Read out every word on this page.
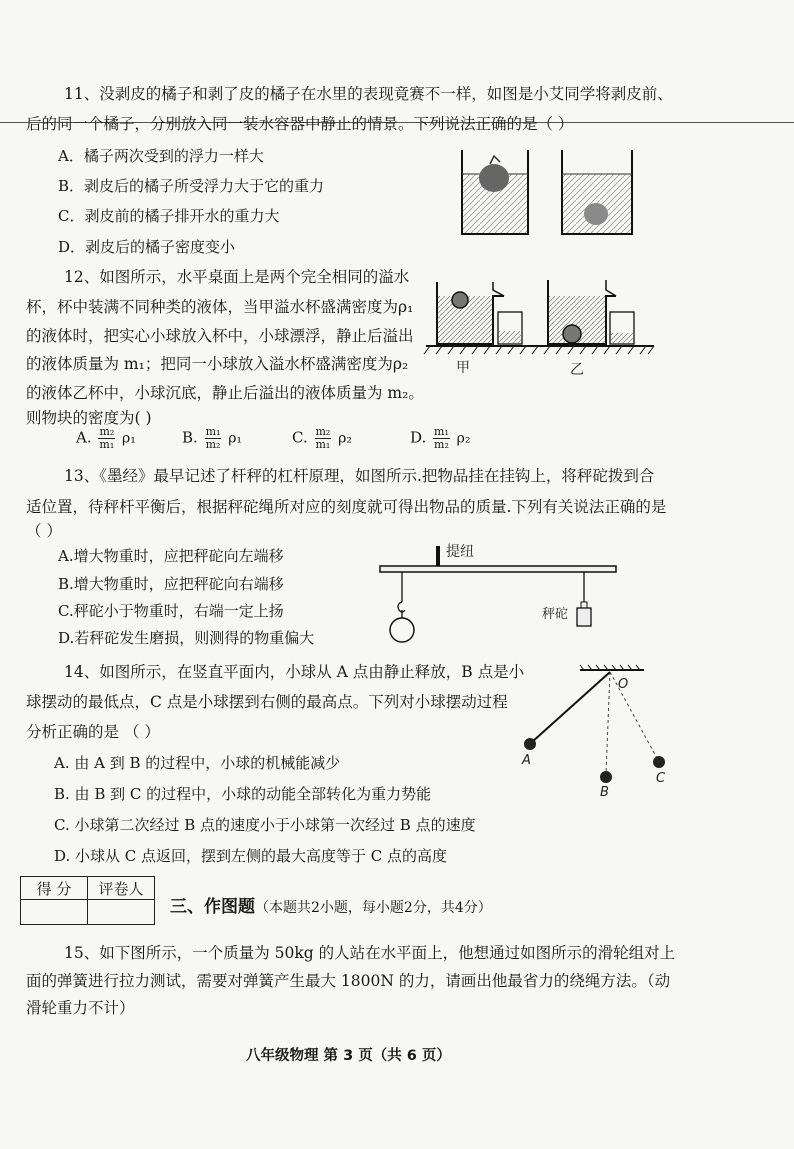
11、没剥皮的橘子和剥了皮的橘子在水里的表现竟赛不一样，如图是小艾同学将剥皮前、
后的同一个橘子，分别放入同一装水容器中静止的情景。下列说法正确的是（ ）
A．橘子两次受到的浮力一样大
B．剥皮后的橘子所受浮力大于它的重力
C．剥皮前的橘子排开水的重力大
D．剥皮后的橘子密度变小
12、如图所示，水平桌面上是两个完全相同的溢水
杯，杯中装满不同种类的液体，当甲溢水杯盛满密度为ρ₁
的液体时，把实心小球放入杯中，小球漂浮，静止后溢出
的液体质量为 m₁；把同一小球放入溢水杯盛满密度为ρ₂
的液体乙杯中，小球沉底，静止后溢出的液体质量为 m₂。
则物块的密度为( )
甲	乙
A. $\frac{\text{m₂}}{\text{m₁}} \rho_1$	B. $\frac{\text{m₁}}{\text{m₂}} \rho_1$	C. $\frac{\text{m₂}}{\text{m₁}} \rho_2$	D. $\frac{\text{m₁}}{\text{m₂}} \rho_2$
13、《墨经》最早记述了杆秤的杠杆原理，如图所示.把物品挂在挂钩上，将秤砣拨到合
适位置，待秤杆平衡后，根据秤砣绳所对应的刻度就可得出物品的质量.下列有关说法正确的是
（ ）
A.增大物重时，应把秤砣向左端移
B.增大物重时，应把秤砣向右端移
C.秤砣小于物重时，右端一定上扬
D.若秤砣发生磨损，则测得的物重偏大
提纽
秤砣
14、如图所示，在竖直平面内，小球从 A 点由静止释放，B 点是小
球摆动的最低点，C 点是小球摆到右侧的最高点。下列对小球摆动过程
分析正确的是 （ ）
A. 由 A 到 B 的过程中，小球的机械能减少
B. 由 B 到 C 的过程中，小球的动能全部转化为重力势能
C. 小球第二次经过 B 点的速度小于小球第一次经过 B 点的速度
D. 小球从 C 点返回，摆到左侧的最大高度等于 C 点的高度
O
A
B
C
得 分	评卷人

三、作图题（本题共2小题，每小题2分，共4分）
15、如下图所示，一个质量为 50kg 的人站在水平面上，他想通过如图所示的滑轮组对上
面的弹簧进行拉力测试，需要对弹簧产生最大 1800N 的力，请画出他最省力的绕绳方法。（动
滑轮重力不计）
八年级物理 第 3 页（共 6 页）
